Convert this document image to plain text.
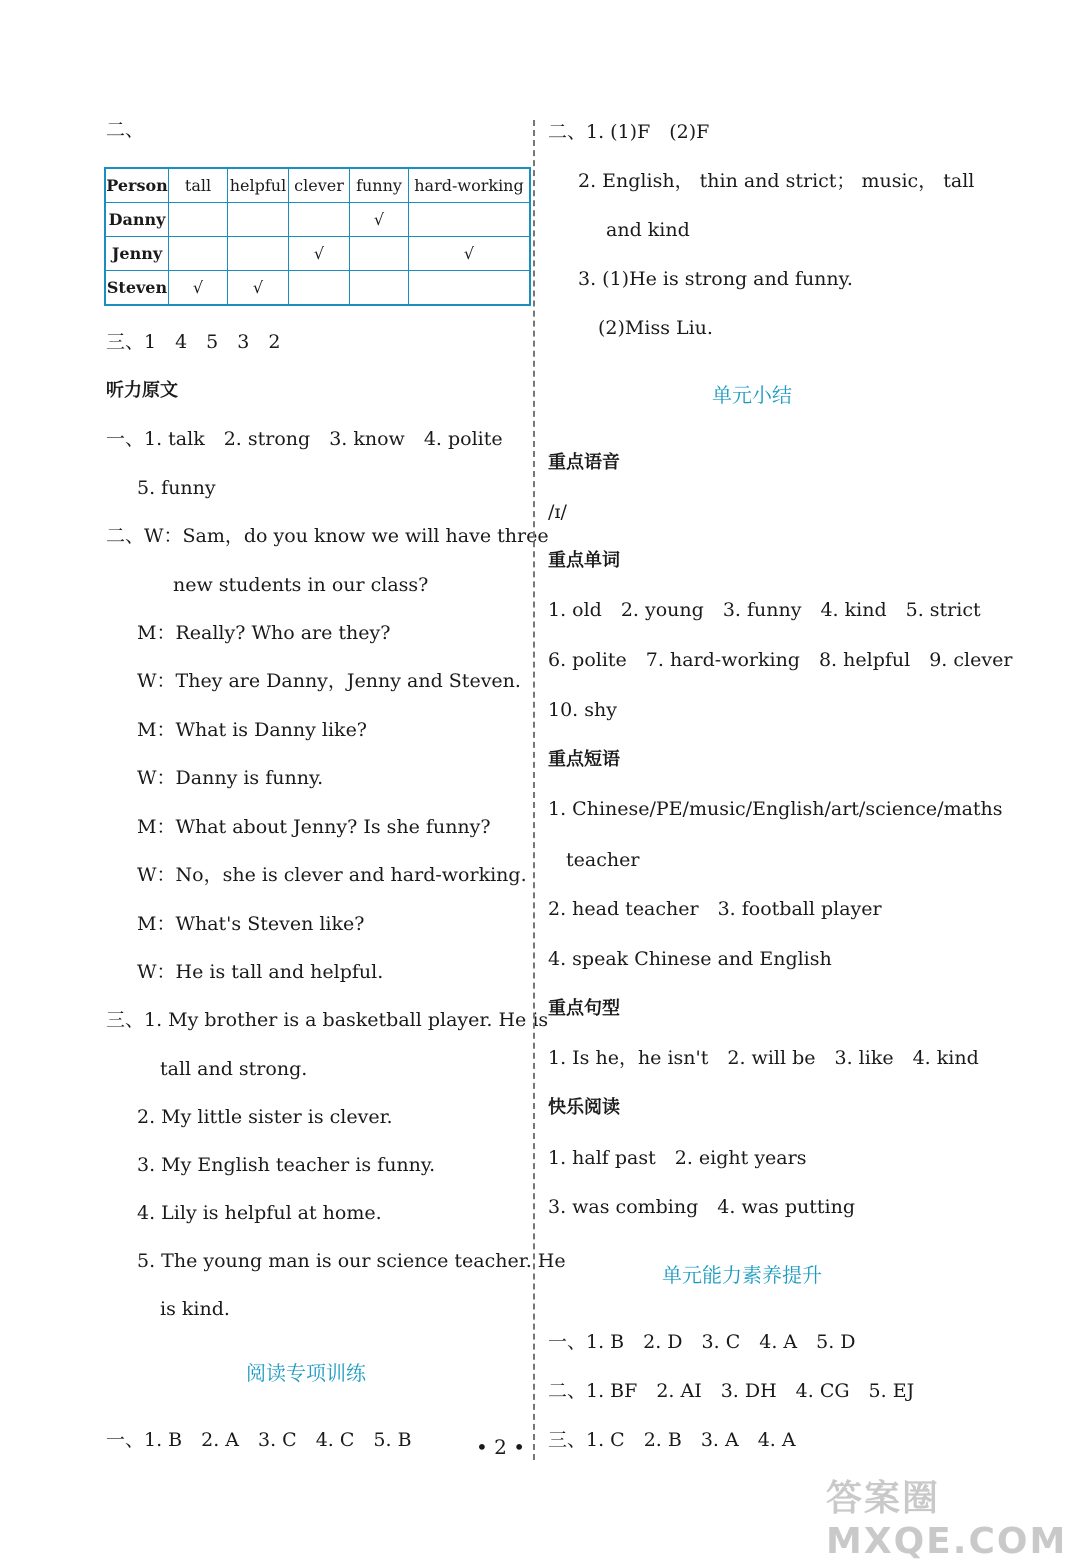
二、
Person	tall	helpful	clever	funny	hard-working
Danny				√	
Jenny			√		√
Steven	√	√			
三、1　4　5　3　2
听力原文
一、1. talk　2. strong　3. know　4. polite
5. funny
二、W：Sam，do you know we will have three
new students in our class?
M：Really? Who are they?
W：They are Danny，Jenny and Steven.
M：What is Danny like?
W：Danny is funny.
M：What about Jenny? Is she funny?
W：No，she is clever and hard-working.
M：What's Steven like?
W：He is tall and helpful.
三、1. My brother is a basketball player. He is
tall and strong.
2. My little sister is clever.
3. My English teacher is funny.
4. Lily is helpful at home.
5. The young man is our science teacher. He
is kind.
阅读专项训练
一、1. B　2. A　3. C　4. C　5. B
二、1. (1)F　(2)F
2. English， thin and strict； music， tall
and kind
3. (1)He is strong and funny.
(2)Miss Liu.
单元小结
重点语音
/ɪ/
重点单词
1. old　2. young　3. funny　4. kind　5. strict
6. polite　7. hard-working　8. helpful　9. clever
10. shy
重点短语
1. Chinese/PE/music/English/art/science/maths
teacher
2. head teacher　3. football player
4. speak Chinese and English
重点句型
1. Is he，he isn't　2. will be　3. like　4. kind
快乐阅读
1. half past　2. eight years
3. was combing　4. was putting
单元能力素养提升
一、1. B　2. D　3. C　4. A　5. D
二、1. BF　2. AI　3. DH　4. CG　5. EJ
三、1. C　2. B　3. A　4. A
• 2 •
答案圈 MXQE.COM
